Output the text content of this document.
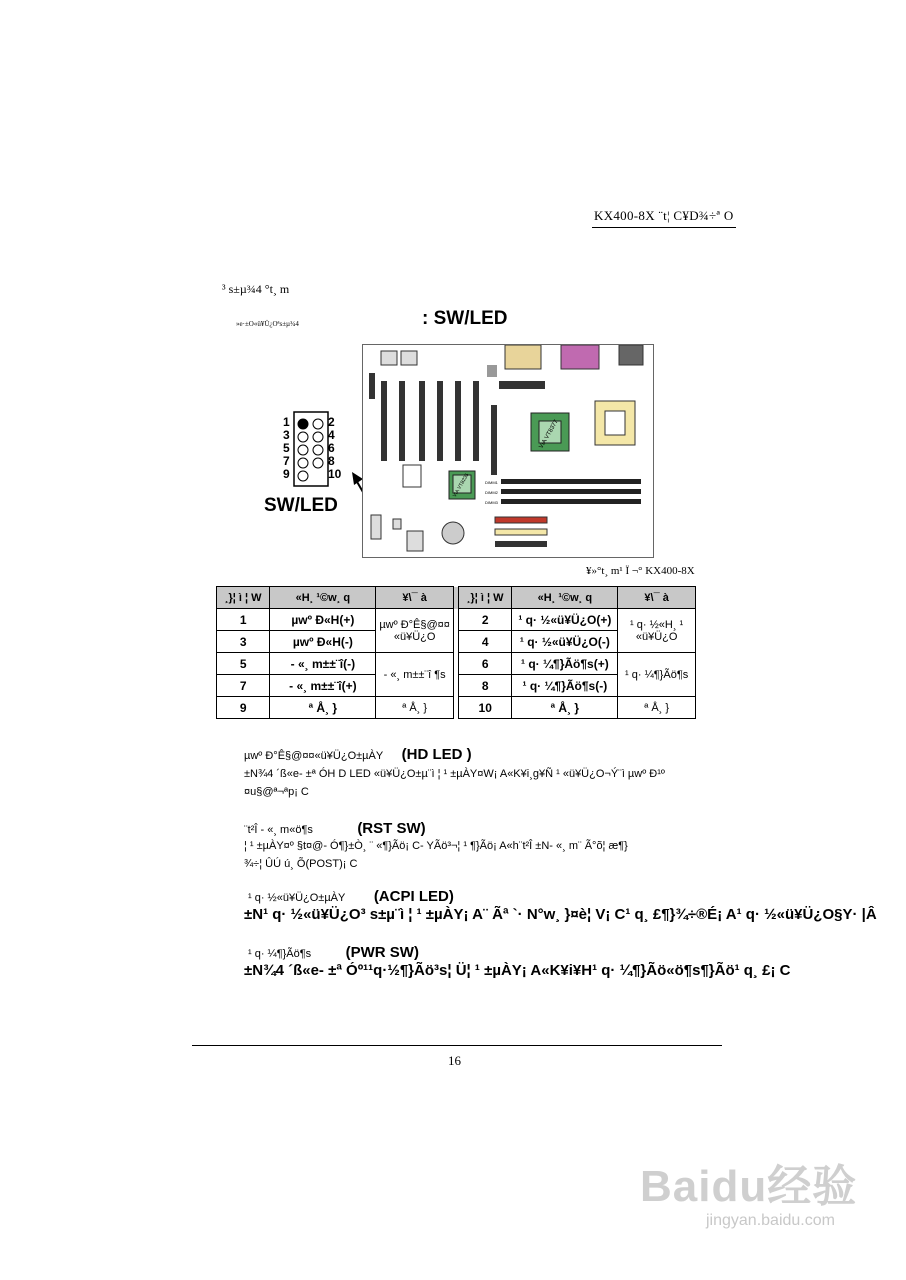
KX400-8X ¨t¦ C¥D¾÷ª O
³ s±µ¾4 °t¸ m
»e·±O«ü¥Ü¿Oªs±µ¾4	: SW/LED
1
3
5
7
9
2
4
6
8
10
SW/LED
VIA VT8377
VIA VT8235	DIMM1
DIMM2
DIMM3
¥»°t¸ m¹ Ï ¬° KX400-8X
¸}¦ ì ¦ W	«H¸ ¹©w¸ q	¥\¯ à		¸}¦ ì ¦ W	«H¸ ¹©w¸ q	¥\¯ à
1	µwº Ð«H(+)	µwº Ð°Ê§@¤¤ «ü¥Ü¿O		2	¹ q· ½«ü¥Ü¿O(+)	¹ q· ½«H¸ ¹ «ü¥Ü¿O
3	µwº Ð«H(-)			4	¹ q· ½«ü¥Ü¿O(-)	
5	- «¸ m±±¨î(-)	- «¸ m±±¨î ¶s		6	¹ q· ¼¶}Ãö¶s(+)	¹ q· ¼¶}Ãö¶s
7	- «¸ m±±¨î(+)			8	¹ q· ¼¶}Ãö¶s(-)	
9	ª Å¸ }	ª Å¸ }		10	ª Å¸ }	ª Å¸ }
µwº Ð°Ê§@¤¤«ü¥Ü¿O±µÀY (HD LED )
±N¾4 ´ß«e- ±ª ÓH D LED «ü¥Ü¿O±µ¨ì ¦ ¹ ±µÀY¤W¡ A«K¥i¸g¥Ñ ¹ «ü¥Ü¿O¬Ý¨ì µwº Ð¹º
¤u§@ª¬ªp¡ C
¨t²Î - «¸ m«ö¶s	(RST SW)
¦ ¹ ±µÀY¤º §t¤@- Ó¶}±Ò¸ ¨ «¶}Ãö¡ C- YÃö³¬¦ ¹ ¶}Ãö¡ A«h¨t²Î ±N- «¸ m¨ Ã°õ¦ æ¶}
¾÷¦ ÛÚ ú¸ Õ(POST)¡ C
¹ q· ½«ü¥Ü¿O±µÀY (ACPI LED)
±N¹ q· ½«ü¥Ü¿O³ s±µ¨ì ¦ ¹ ±µÀY¡ A¨ Ãª `· N°w¸ }¤è¦ V¡ C¹ q¸ £¶}¾÷®É¡ A¹ q· ½«ü¥Ü¿O§Y· |Â
¹ q· ¼¶}Ãö¶s (PWR SW)
±N¾4 ´ß«e- ±ª Óº¹¹q·½¶}Ãö³s¦ Ü¦ ¹ ±µÀY¡ A«K¥i¥H¹ q· ¼¶}Ãö«ö¶s¶}Ãö¹ q¸ £¡ C
16
Baidu经验
jingyan.baidu.com
